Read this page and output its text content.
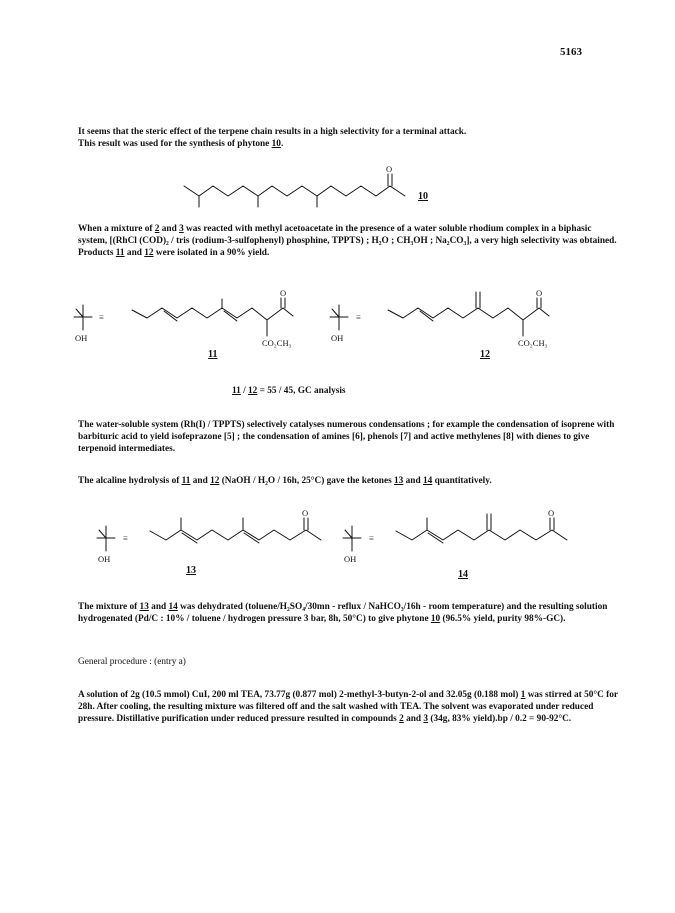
5163

It seems that the steric effect of the terpene chain results in a high selectivity for a terminal attack.
This result was used for the synthesis of phytone 10.

O
10

When a mixture of 2 and 3 was reacted with methyl acetoacetate in the presence of a water soluble rhodium complex in a biphasic system, [(RhCl (COD)₂ / tris (rodium-3-sulfophenyl) phosphine, TPPTS) ; H₂O ; CH₃OH ; Na₂CO₃], a very high selectivity was obtained. Products 11 and 12 were isolated in a 90% yield.

OH
≡
O
CO₂CH₃
11
OH
≡
O
CO₂CH₃
12
11 / 12 = 55 / 45, GC analysis

The water-soluble system (Rh(I) / TPPTS) selectively catalyses numerous condensations ; for example the condensation of isoprene with barbituric acid to yield isofeprazone [5] ; the condensation of amines [6], phenols [7] and active methylenes [8] with dienes to give terpenoid intermediates.

The alcaline hydrolysis of 11 and 12 (NaOH / H₂O / 16h, 25°C) gave the ketones 13 and 14 quantitatively.

OH
≡
O
13
OH
≡
O
14

The mixture of 13 and 14 was dehydrated (toluene/H₂SO₄/30mn - reflux / NaHCO₃/16h - room temperature) and the resulting solution hydrogenated (Pd/C : 10% / toluene / hydrogen pressure 3 bar, 8h, 50°C) to give phytone 10 (96.5% yield, purity 98%-GC).

General procedure : (entry a)

A solution of 2g (10.5 mmol) CuI, 200 ml TEA, 73.77g (0.877 mol) 2-methyl-3-butyn-2-ol and 32.05g (0.188 mol) 1 was stirred at 50°C for 28h. After cooling, the resulting mixture was filtered off and the salt washed with TEA. The solvent was evaporated under reduced pressure. Distillative purification under reduced pressure resulted in compounds 2 and 3 (34g, 83% yield).bp / 0.2 = 90-92°C.
